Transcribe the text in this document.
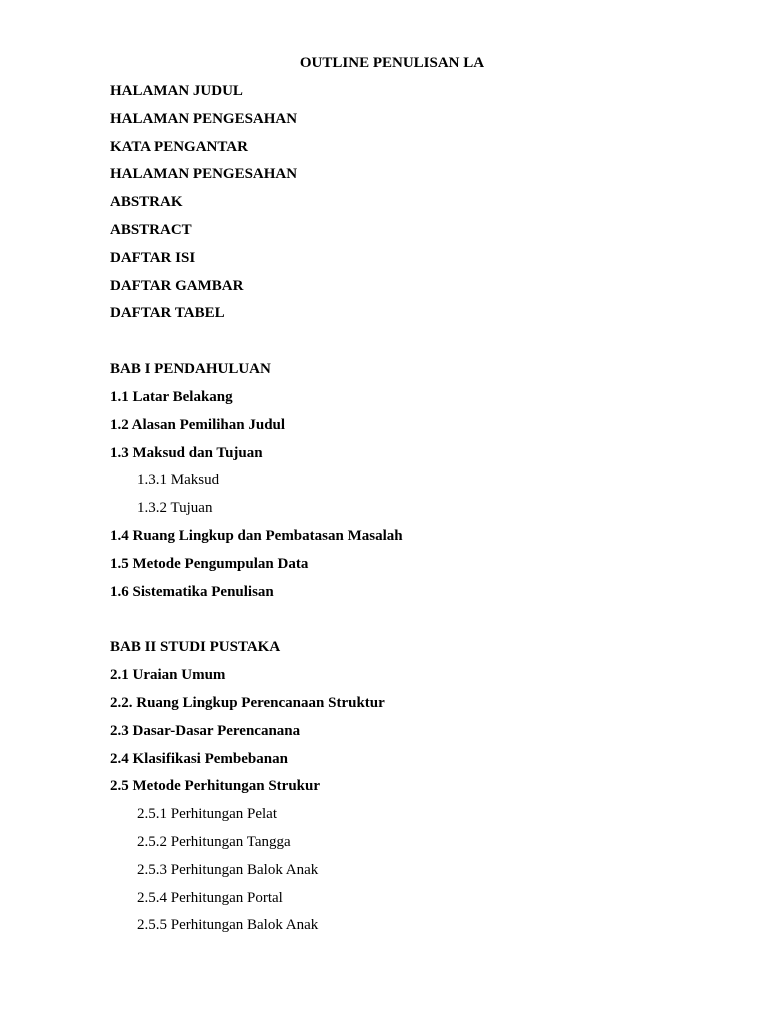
OUTLINE PENULISAN LA
HALAMAN JUDUL
HALAMAN PENGESAHAN
KATA PENGANTAR
HALAMAN PENGESAHAN
ABSTRAK
ABSTRACT
DAFTAR ISI
DAFTAR GAMBAR
DAFTAR TABEL
BAB I PENDAHULUAN
1.1 Latar Belakang
1.2 Alasan Pemilihan Judul
1.3 Maksud dan Tujuan
1.3.1 Maksud
1.3.2 Tujuan
1.4 Ruang Lingkup dan Pembatasan Masalah
1.5 Metode Pengumpulan Data
1.6 Sistematika Penulisan
BAB II STUDI PUSTAKA
2.1 Uraian Umum
2.2. Ruang Lingkup Perencanaan Struktur
2.3 Dasar-Dasar Perencanana
2.4 Klasifikasi Pembebanan
2.5 Metode Perhitungan Strukur
2.5.1 Perhitungan Pelat
2.5.2 Perhitungan Tangga
2.5.3 Perhitungan Balok Anak
2.5.4 Perhitungan Portal
2.5.5 Perhitungan Balok Anak
